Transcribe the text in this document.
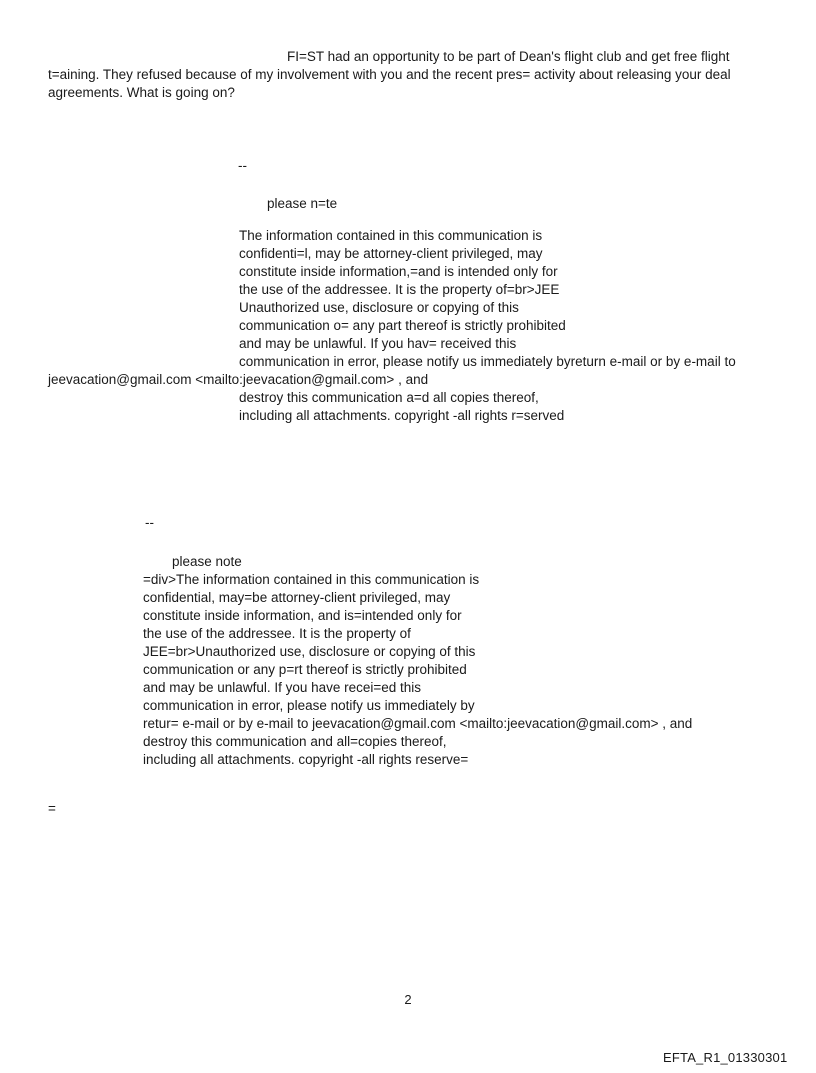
FI=ST had an opportunity to be part of Dean's flight club and get free flight
t=aining. They refused because of my involvement with you and the recent pres= activity about releasing your deal
agreements. What is going on?
--
please n=te
The information contained in this communication is
confidenti=l, may be attorney-client privileged, may
constitute inside information,=and is intended only for
the use of the addressee. It is the property of=br>JEE
Unauthorized use, disclosure or copying of this
communication o= any part thereof is strictly prohibited
and may be unlawful. If you hav= received this
communication in error, please notify us immediately byreturn e-mail or by e-mail to
jeevacation@gmail.com <mailto:jeevacation@gmail.com> , and
destroy this communication a=d all copies thereof,
including all attachments. copyright -all rights r=served
--
please note
=div>The information contained in this communication is
confidential, may=be attorney-client privileged, may
constitute inside information, and is=intended only for
the use of the addressee. It is the property of
JEE=br>Unauthorized use, disclosure or copying of this
communication or any p=rt thereof is strictly prohibited
and may be unlawful. If you have recei=ed this
communication in error, please notify us immediately by
retur= e-mail or by e-mail to jeevacation@gmail.com <mailto:jeevacation@gmail.com> , and
destroy this communication and all=copies thereof,
including all attachments. copyright -all rights reserve=
=
2
EFTA_R1_01330301
